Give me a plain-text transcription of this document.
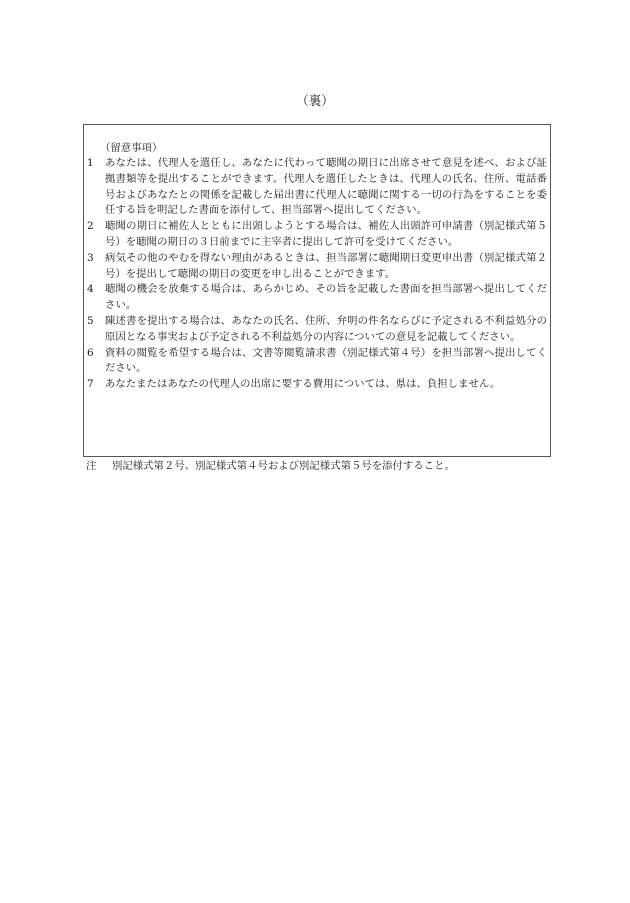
（裏）
（留意事項）
1	あなたは、代理人を選任し、あなたに代わって聴聞の期日に出席させて意見を述べ、および証拠書類等を提出することができます。代理人を選任したときは、代理人の氏名、住所、電話番号およびあなたとの関係を記載した届出書に代理人に聴聞に関する一切の行為をすることを委任する旨を明記した書面を添付して、担当部署へ提出してください。
2	聴聞の期日に補佐人とともに出頭しようとする場合は、補佐人出頭許可申請書（別記様式第５号）を聴聞の期日の３日前までに主宰者に提出して許可を受けてください。
3	病気その他のやむを得ない理由があるときは、担当部署に聴聞期日変更申出書（別記様式第２号）を提出して聴聞の期日の変更を申し出ることができます。
4	聴聞の機会を放棄する場合は、あらかじめ、その旨を記載した書面を担当部署へ提出してください。
5	陳述書を提出する場合は、あなたの氏名、住所、弁明の件名ならびに予定される不利益処分の原因となる事実および予定される不利益処分の内容についての意見を記載してください。
6	資料の閲覧を希望する場合は、文書等閲覧請求書（別記様式第４号）を担当部署へ提出してください。
7	あなたまたはあなたの代理人の出席に要する費用については、県は、負担しません。
注 別記様式第２号、別記様式第４号および別記様式第５号を添付すること。
